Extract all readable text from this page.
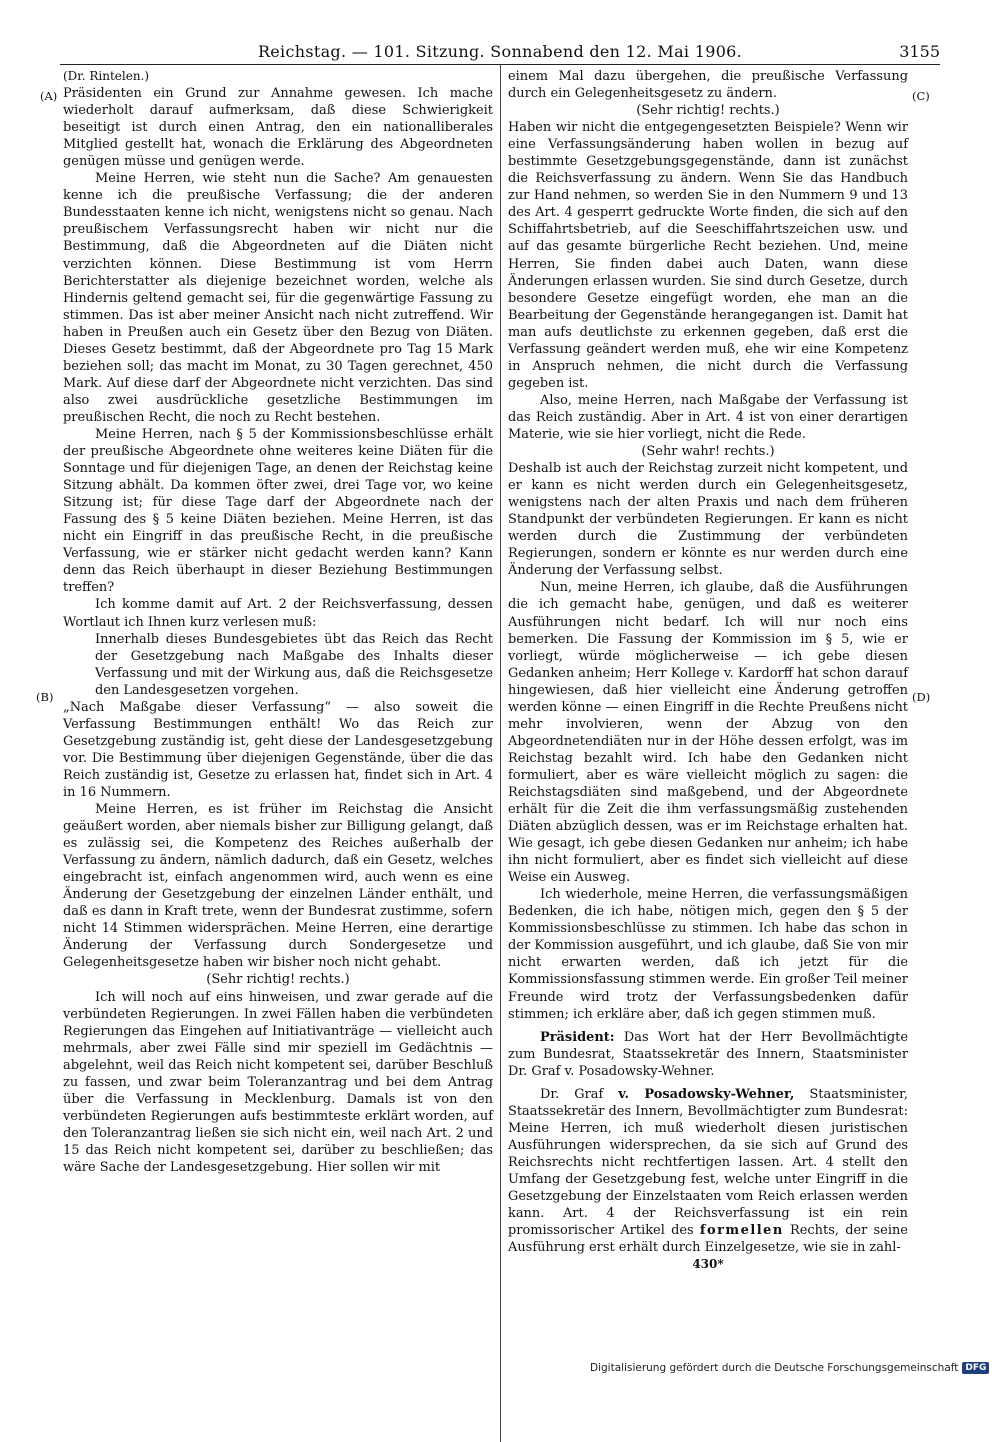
Reichstag. — 101. Sitzung. Sonnabend den 12. Mai 1906.	3155
(A)
(B)
(C)
(D)

(Dr. Rintelen.)

Präsidenten ein Grund zur Annahme gewesen. Ich mache wiederholt darauf aufmerksam, daß diese Schwierigkeit beseitigt ist durch einen Antrag, den ein nationalliberales Mitglied gestellt hat, wonach die Erklärung des Abgeordneten genügen müsse und genügen werde.

Meine Herren, wie steht nun die Sache? Am genauesten kenne ich die preußische Verfassung; die der anderen Bundesstaaten kenne ich nicht, wenigstens nicht so genau. Nach preußischem Verfassungsrecht haben wir nicht nur die Bestimmung, daß die Abgeordneten auf die Diäten nicht verzichten können. Diese Bestimmung ist vom Herrn Berichterstatter als diejenige bezeichnet worden, welche als Hindernis geltend gemacht sei, für die gegenwärtige Fassung zu stimmen. Das ist aber meiner Ansicht nach nicht zutreffend. Wir haben in Preußen auch ein Gesetz über den Bezug von Diäten. Dieses Gesetz bestimmt, daß der Abgeordnete pro Tag 15 Mark beziehen soll; das macht im Monat, zu 30 Tagen gerechnet, 450 Mark. Auf diese darf der Abgeordnete nicht verzichten. Das sind also zwei ausdrückliche gesetzliche Bestimmungen im preußischen Recht, die noch zu Recht bestehen.

Meine Herren, nach § 5 der Kommissionsbeschlüsse erhält der preußische Abgeordnete ohne weiteres keine Diäten für die Sonntage und für diejenigen Tage, an denen der Reichstag keine Sitzung abhält. Da kommen öfter zwei, drei Tage vor, wo keine Sitzung ist; für diese Tage darf der Abgeordnete nach der Fassung des § 5 keine Diäten beziehen. Meine Herren, ist das nicht ein Eingriff in das preußische Recht, in die preußische Verfassung, wie er stärker nicht gedacht werden kann? Kann denn das Reich überhaupt in dieser Beziehung Bestimmungen treffen?

Ich komme damit auf Art. 2 der Reichsverfassung, dessen Wortlaut ich Ihnen kurz verlesen muß:

Innerhalb dieses Bundesgebietes übt das Reich das Recht der Gesetzgebung nach Maßgabe des Inhalts dieser Verfassung und mit der Wirkung aus, daß die Reichsgesetze den Landesgesetzen vorgehen.

„Nach Maßgabe dieser Verfassung“ — also soweit die Verfassung Bestimmungen enthält! Wo das Reich zur Gesetzgebung zuständig ist, geht diese der Landesgesetzgebung vor. Die Bestimmung über diejenigen Gegenstände, über die das Reich zuständig ist, Gesetze zu erlassen hat, findet sich in Art. 4 in 16 Nummern.

Meine Herren, es ist früher im Reichstag die Ansicht geäußert worden, aber niemals bisher zur Billigung gelangt, daß es zulässig sei, die Kompetenz des Reiches außerhalb der Verfassung zu ändern, nämlich dadurch, daß ein Gesetz, welches eingebracht ist, einfach angenommen wird, auch wenn es eine Änderung der Gesetzgebung der einzelnen Länder enthält, und daß es dann in Kraft trete, wenn der Bundesrat zustimme, sofern nicht 14 Stimmen widersprächen. Meine Herren, eine derartige Änderung der Verfassung durch Sondergesetze und Gelegenheitsgesetze haben wir bisher noch nicht gehabt.

(Sehr richtig! rechts.)

Ich will noch auf eins hinweisen, und zwar gerade auf die verbündeten Regierungen. In zwei Fällen haben die verbündeten Regierungen das Eingehen auf Initiativanträge — vielleicht auch mehrmals, aber zwei Fälle sind mir speziell im Gedächtnis — abgelehnt, weil das Reich nicht kompetent sei, darüber Beschluß zu fassen, und zwar beim Toleranzantrag und bei dem Antrag über die Verfassung in Mecklenburg. Damals ist von den verbündeten Regierungen aufs bestimmteste erklärt worden, auf den Toleranzantrag ließen sie sich nicht ein, weil nach Art. 2 und 15 das Reich nicht kompetent sei, darüber zu beschließen; das wäre Sache der Landesgesetzgebung. Hier sollen wir mit

einem Mal dazu übergehen, die preußische Verfassung durch ein Gelegenheitsgesetz zu ändern.

(Sehr richtig! rechts.)

Haben wir nicht die entgegengesetzten Beispiele? Wenn wir eine Verfassungsänderung haben wollen in bezug auf bestimmte Gesetzgebungsgegenstände, dann ist zunächst die Reichsverfassung zu ändern. Wenn Sie das Handbuch zur Hand nehmen, so werden Sie in den Nummern 9 und 13 des Art. 4 gesperrt gedruckte Worte finden, die sich auf den Schiffahrtsbetrieb, auf die Seeschiffahrtszeichen usw. und auf das gesamte bürgerliche Recht beziehen. Und, meine Herren, Sie finden dabei auch Daten, wann diese Änderungen erlassen wurden. Sie sind durch Gesetze, durch besondere Gesetze eingefügt worden, ehe man an die Bearbeitung der Gegenstände herangegangen ist. Damit hat man aufs deutlichste zu erkennen gegeben, daß erst die Verfassung geändert werden muß, ehe wir eine Kompetenz in Anspruch nehmen, die nicht durch die Verfassung gegeben ist.

Also, meine Herren, nach Maßgabe der Verfassung ist das Reich zuständig. Aber in Art. 4 ist von einer derartigen Materie, wie sie hier vorliegt, nicht die Rede.

(Sehr wahr! rechts.)

Deshalb ist auch der Reichstag zurzeit nicht kompetent, und er kann es nicht werden durch ein Gelegenheitsgesetz, wenigstens nach der alten Praxis und nach dem früheren Standpunkt der verbündeten Regierungen. Er kann es nicht werden durch die Zustimmung der verbündeten Regierungen, sondern er könnte es nur werden durch eine Änderung der Verfassung selbst.

Nun, meine Herren, ich glaube, daß die Ausführungen die ich gemacht habe, genügen, und daß es weiterer Ausführungen nicht bedarf. Ich will nur noch eins bemerken. Die Fassung der Kommission im § 5, wie er vorliegt, würde möglicherweise — ich gebe diesen Gedanken anheim; Herr Kollege v. Kardorff hat schon darauf hingewiesen, daß hier vielleicht eine Änderung getroffen werden könne — einen Eingriff in die Rechte Preußens nicht mehr involvieren, wenn der Abzug von den Abgeordnetendiäten nur in der Höhe dessen erfolgt, was im Reichstag bezahlt wird. Ich habe den Gedanken nicht formuliert, aber es wäre vielleicht möglich zu sagen: die Reichstagsdiäten sind maßgebend, und der Abgeordnete erhält für die Zeit die ihm verfassungsmäßig zustehenden Diäten abzüglich dessen, was er im Reichstage erhalten hat. Wie gesagt, ich gebe diesen Gedanken nur anheim; ich habe ihn nicht formuliert, aber es findet sich vielleicht auf diese Weise ein Ausweg.

Ich wiederhole, meine Herren, die verfassungsmäßigen Bedenken, die ich habe, nötigen mich, gegen den § 5 der Kommissionsbeschlüsse zu stimmen. Ich habe das schon in der Kommission ausgeführt, und ich glaube, daß Sie von mir nicht erwarten werden, daß ich jetzt für die Kommissionsfassung stimmen werde. Ein großer Teil meiner Freunde wird trotz der Verfassungsbedenken dafür stimmen; ich erkläre aber, daß ich gegen stimmen muß.

Präsident: Das Wort hat der Herr Bevollmächtigte zum Bundesrat, Staatssekretär des Innern, Staatsminister Dr. Graf v. Posadowsky-Wehner.

Dr. Graf v. Posadowsky-Wehner, Staatsminister, Staatssekretär des Innern, Bevollmächtigter zum Bundesrat: Meine Herren, ich muß wiederholt diesen juristischen Ausführungen widersprechen, da sie sich auf Grund des Reichsrechts nicht rechtfertigen lassen. Art. 4 stellt den Umfang der Gesetzgebung fest, welche unter Eingriff in die Gesetzgebung der Einzelstaaten vom Reich erlassen werden kann. Art. 4 der Reichsverfassung ist ein rein promissorischer Artikel des formellen Rechts, der seine Ausführung erst erhält durch Einzelgesetze, wie sie in zahl-

430*

Digitalisierung gefördert durch die Deutsche Forschungsgemeinschaft DFG
